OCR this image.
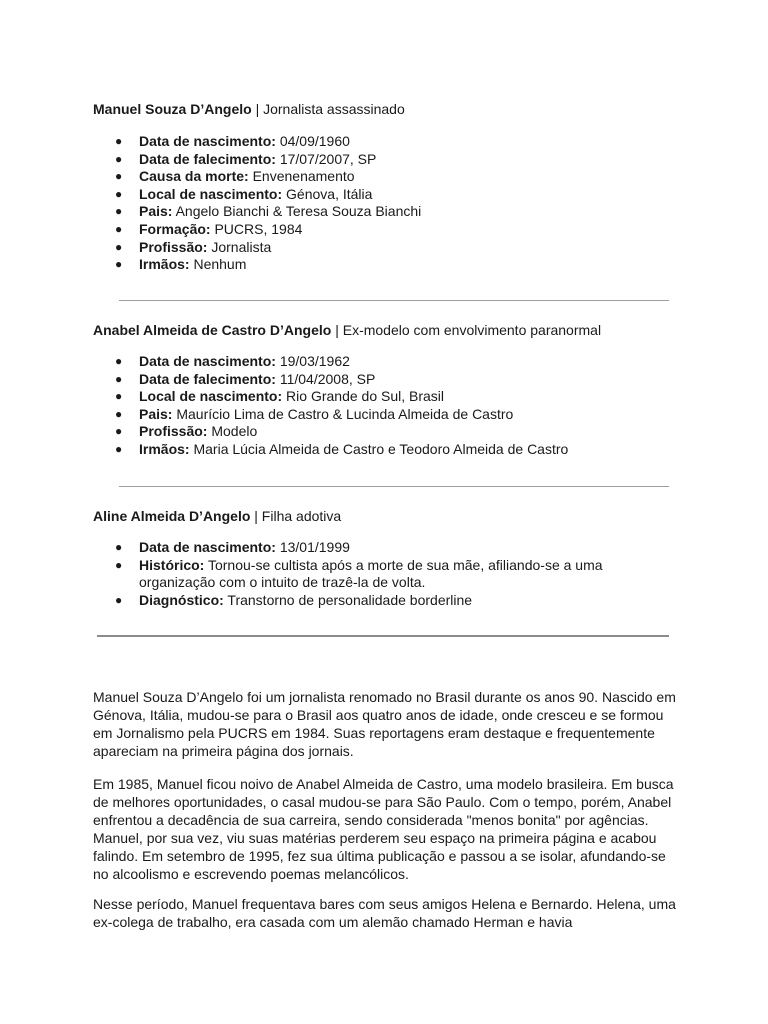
Manuel Souza D’Angelo | Jornalista assassinado
● Data de nascimento: 04/09/1960
● Data de falecimento: 17/07/2007, SP
● Causa da morte: Envenenamento
● Local de nascimento: Génova, Itália
● Pais: Angelo Bianchi & Teresa Souza Bianchi
● Formação: PUCRS, 1984
● Profissão: Jornalista
● Irmãos: Nenhum
Anabel Almeida de Castro D’Angelo | Ex-modelo com envolvimento paranormal
● Data de nascimento: 19/03/1962
● Data de falecimento: 11/04/2008, SP
● Local de nascimento: Rio Grande do Sul, Brasil
● Pais: Maurício Lima de Castro & Lucinda Almeida de Castro
● Profissão: Modelo
● Irmãos: Maria Lúcia Almeida de Castro e Teodoro Almeida de Castro
Aline Almeida D’Angelo | Filha adotiva
● Data de nascimento: 13/01/1999
● Histórico: Tornou-se cultista após a morte de sua mãe, afiliando-se a uma organização com o intuito de trazê-la de volta.
● Diagnóstico: Transtorno de personalidade borderline

Manuel Souza D’Angelo foi um jornalista renomado no Brasil durante os anos 90. Nascido em Génova, Itália, mudou-se para o Brasil aos quatro anos de idade, onde cresceu e se formou em Jornalismo pela PUCRS em 1984. Suas reportagens eram destaque e frequentemente apareciam na primeira página dos jornais.

Em 1985, Manuel ficou noivo de Anabel Almeida de Castro, uma modelo brasileira. Em busca de melhores oportunidades, o casal mudou-se para São Paulo. Com o tempo, porém, Anabel enfrentou a decadência de sua carreira, sendo considerada "menos bonita" por agências. Manuel, por sua vez, viu suas matérias perderem seu espaço na primeira página e acabou falindo. Em setembro de 1995, fez sua última publicação e passou a se isolar, afundando-se no alcoolismo e escrevendo poemas melancólicos.

Nesse período, Manuel frequentava bares com seus amigos Helena e Bernardo. Helena, uma ex-colega de trabalho, era casada com um alemão chamado Herman e havia
